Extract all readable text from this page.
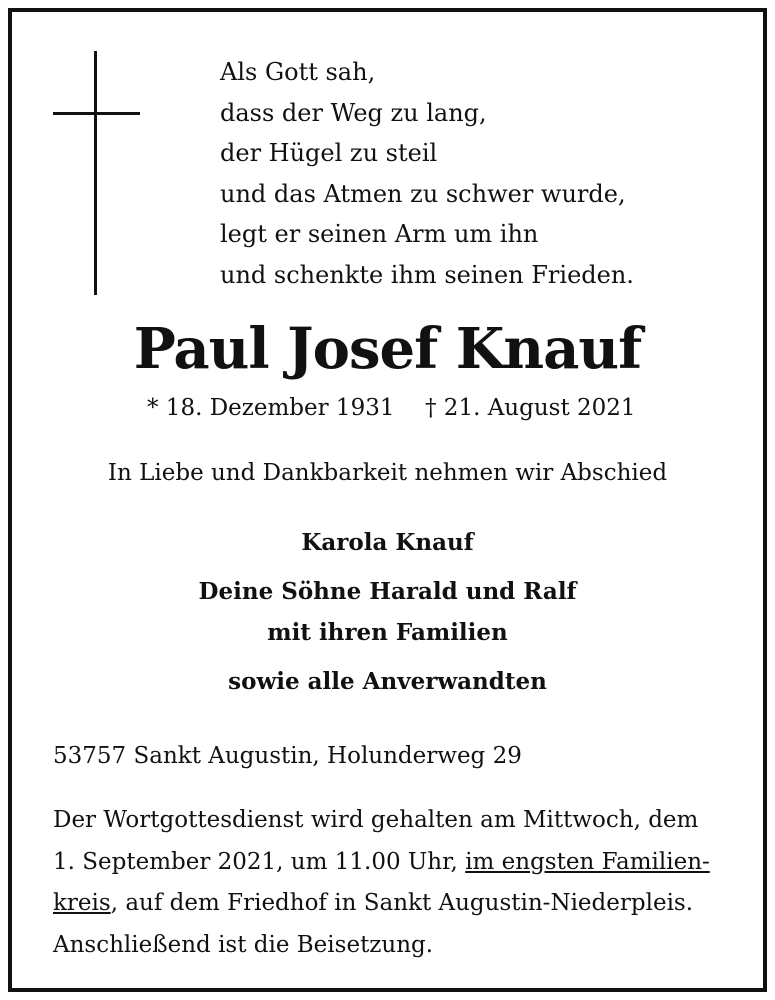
Als Gott sah,
dass der Weg zu lang,
der Hügel zu steil
und das Atmen zu schwer wurde,
legt er seinen Arm um ihn
und schenkte ihm seinen Frieden.
Paul Josef Knauf
* 18. Dezember 1931 † 21. August 2021
In Liebe und Dankbarkeit nehmen wir Abschied
Karola Knauf
Deine Söhne Harald und Ralf
mit ihren Familien
sowie alle Anverwandten
53757 Sankt Augustin, Holunderweg 29
Der Wortgottesdienst wird gehalten am Mittwoch, dem
1. September 2021, um 11.00 Uhr, im engsten Familien-
kreis, auf dem Friedhof in Sankt Augustin-Niederpleis.
Anschließend ist die Beisetzung.
